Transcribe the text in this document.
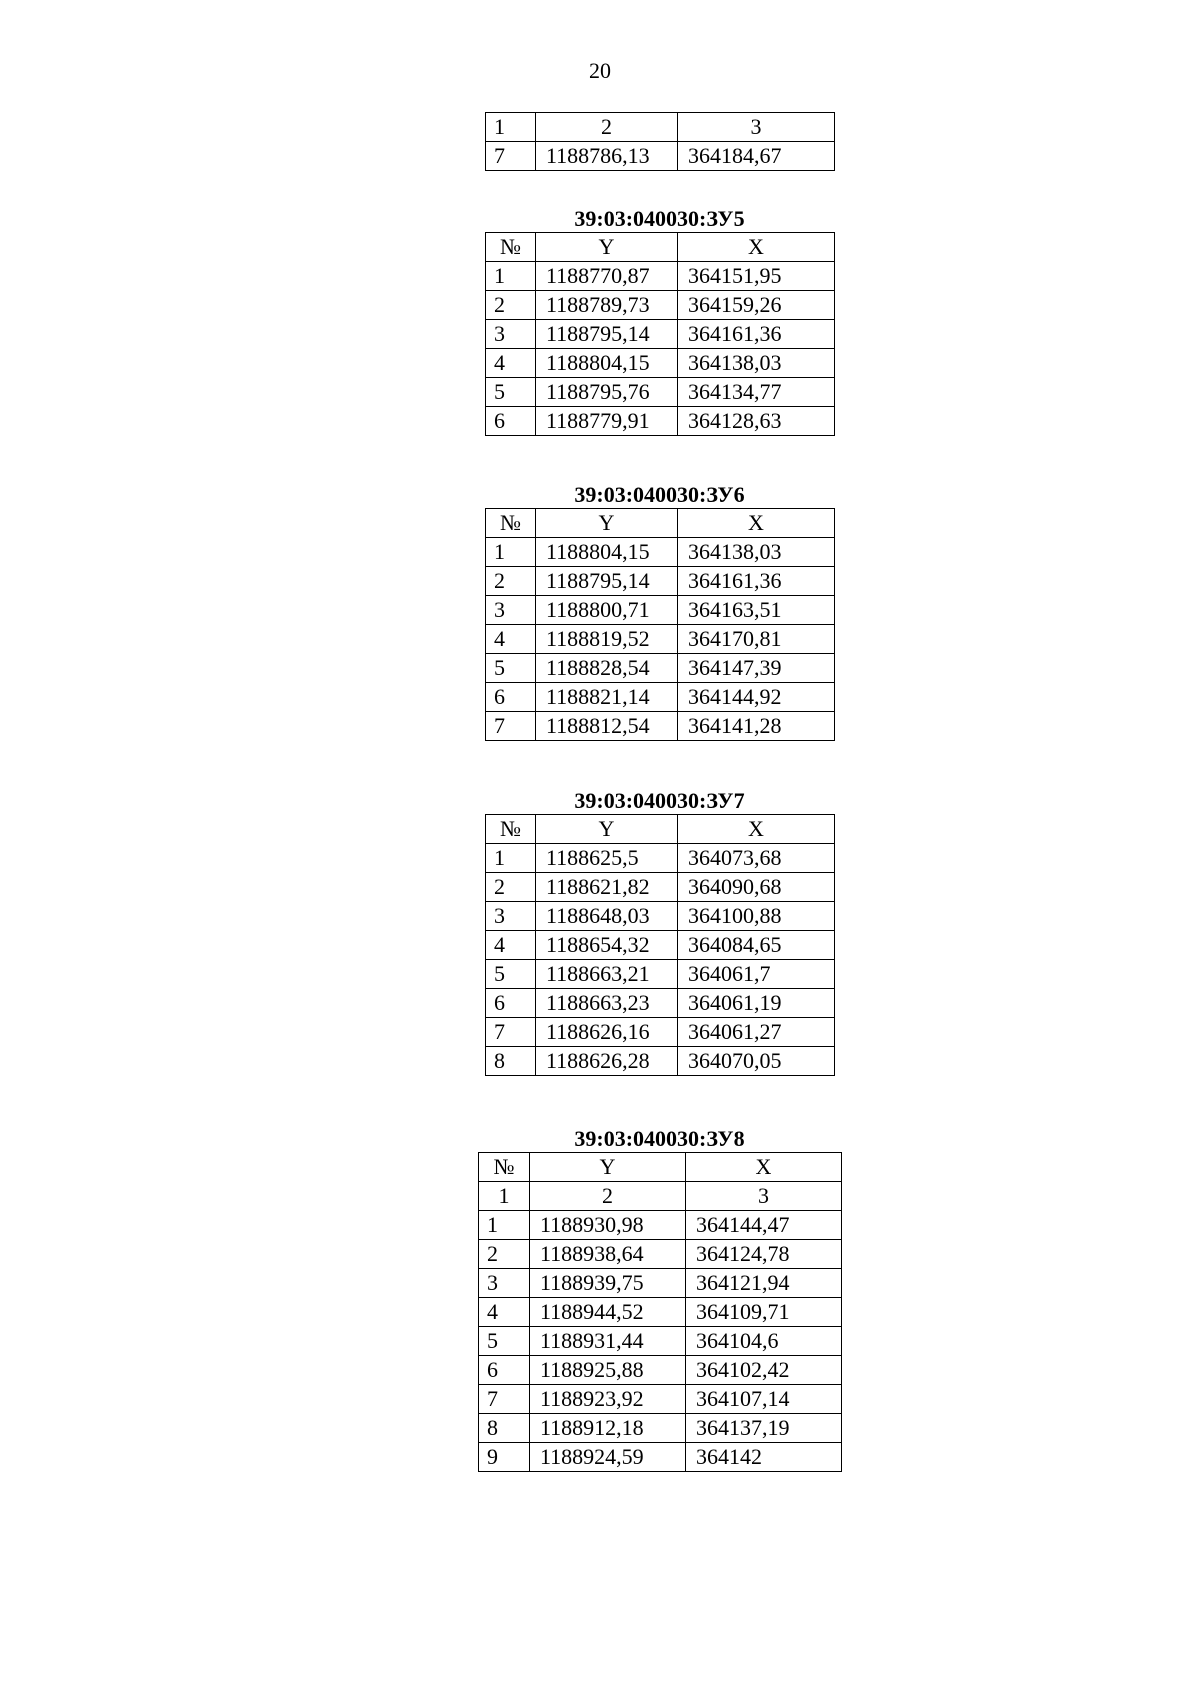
20
1	2	3
7	1188786,13	364184,67
39:03:040030:ЗУ5
№	Y	X
1	1188770,87	364151,95
2	1188789,73	364159,26
3	1188795,14	364161,36
4	1188804,15	364138,03
5	1188795,76	364134,77
6	1188779,91	364128,63
39:03:040030:ЗУ6
№	Y	X
1	1188804,15	364138,03
2	1188795,14	364161,36
3	1188800,71	364163,51
4	1188819,52	364170,81
5	1188828,54	364147,39
6	1188821,14	364144,92
7	1188812,54	364141,28
39:03:040030:ЗУ7
№	Y	X
1	1188625,5	364073,68
2	1188621,82	364090,68
3	1188648,03	364100,88
4	1188654,32	364084,65
5	1188663,21	364061,7
6	1188663,23	364061,19
7	1188626,16	364061,27
8	1188626,28	364070,05
39:03:040030:ЗУ8
№	Y	X
1	2	3
1	1188930,98	364144,47
2	1188938,64	364124,78
3	1188939,75	364121,94
4	1188944,52	364109,71
5	1188931,44	364104,6
6	1188925,88	364102,42
7	1188923,92	364107,14
8	1188912,18	364137,19
9	1188924,59	364142
